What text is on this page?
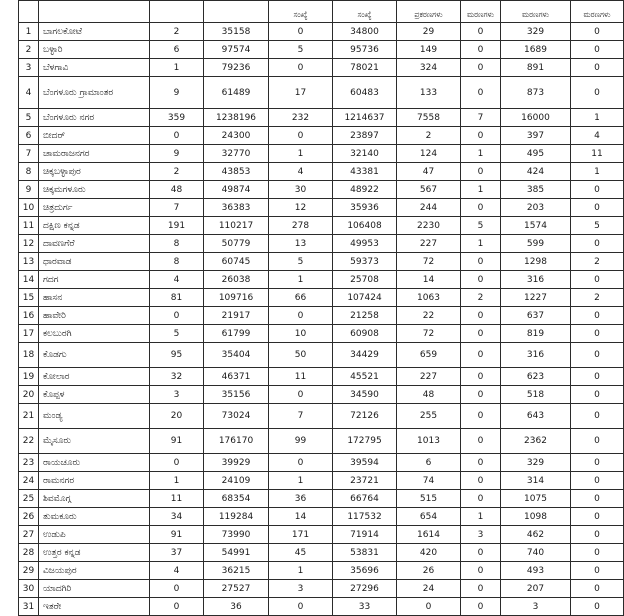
				ಸಂಖ್ಯೆ	ಸಂಖ್ಯೆ	ಪ್ರಕರಣಗಳು	ಮರಣಗಳು	ಮರಣಗಳು	ಮರಣಗಳು
1	ಬಾಗಲಕೋಟೆ	2	35158	0	34800	29	0	329	0
2	ಬಳ್ಳಾರಿ	6	97574	5	95736	149	0	1689	0
3	ಬೆಳಗಾವಿ	1	79236	0	78021	324	0	891	0
4	ಬೆಂಗಳೂರು ಗ್ರಾಮಾಂತರ	9	61489	17	60483	133	0	873	0
5	ಬೆಂಗಳೂರು ನಗರ	359	1238196	232	1214637	7558	7	16000	1
6	ಬೀದರ್	0	24300	0	23897	2	0	397	4
7	ಚಾಮರಾಜನಗರ	9	32770	1	32140	124	1	495	11
8	ಚಿಕ್ಕಬಳ್ಳಾಪುರ	2	43853	4	43381	47	0	424	1
9	ಚಿಕ್ಕಮಗಳೂರು	48	49874	30	48922	567	1	385	0
10	ಚಿತ್ರದುರ್ಗ	7	36383	12	35936	244	0	203	0
11	ದಕ್ಷಿಣ ಕನ್ನಡ	191	110217	278	106408	2230	5	1574	5
12	ದಾವಣಗೆರೆ	8	50779	13	49953	227	1	599	0
13	ಧಾರವಾಡ	8	60745	5	59373	72	0	1298	2
14	ಗದಗ	4	26038	1	25708	14	0	316	0
15	ಹಾಸನ	81	109716	66	107424	1063	2	1227	2
16	ಹಾವೇರಿ	0	21917	0	21258	22	0	637	0
17	ಕಲಬುರಗಿ	5	61799	10	60908	72	0	819	0
18	ಕೊಡಗು	95	35404	50	34429	659	0	316	0
19	ಕೋಲಾರ	32	46371	11	45521	227	0	623	0
20	ಕೊಪ್ಪಳ	3	35156	0	34590	48	0	518	0
21	ಮಂಡ್ಯ	20	73024	7	72126	255	0	643	0
22	ಮೈಸೂರು	91	176170	99	172795	1013	0	2362	0
23	ರಾಯಚೂರು	0	39929	0	39594	6	0	329	0
24	ರಾಮನಗರ	1	24109	1	23721	74	0	314	0
25	ಶಿವಮೊಗ್ಗ	11	68354	36	66764	515	0	1075	0
26	ತುಮಕೂರು	34	119284	14	117532	654	1	1098	0
27	ಉಡುಪಿ	91	73990	171	71914	1614	3	462	0
28	ಉತ್ತರ ಕನ್ನಡ	37	54991	45	53831	420	0	740	0
29	ವಿಜಯಪುರ	4	36215	1	35696	26	0	493	0
30	ಯಾದಗಿರಿ	0	27527	3	27296	24	0	207	0
31	ಇತರೇ	0	36	0	33	0	0	3	0
